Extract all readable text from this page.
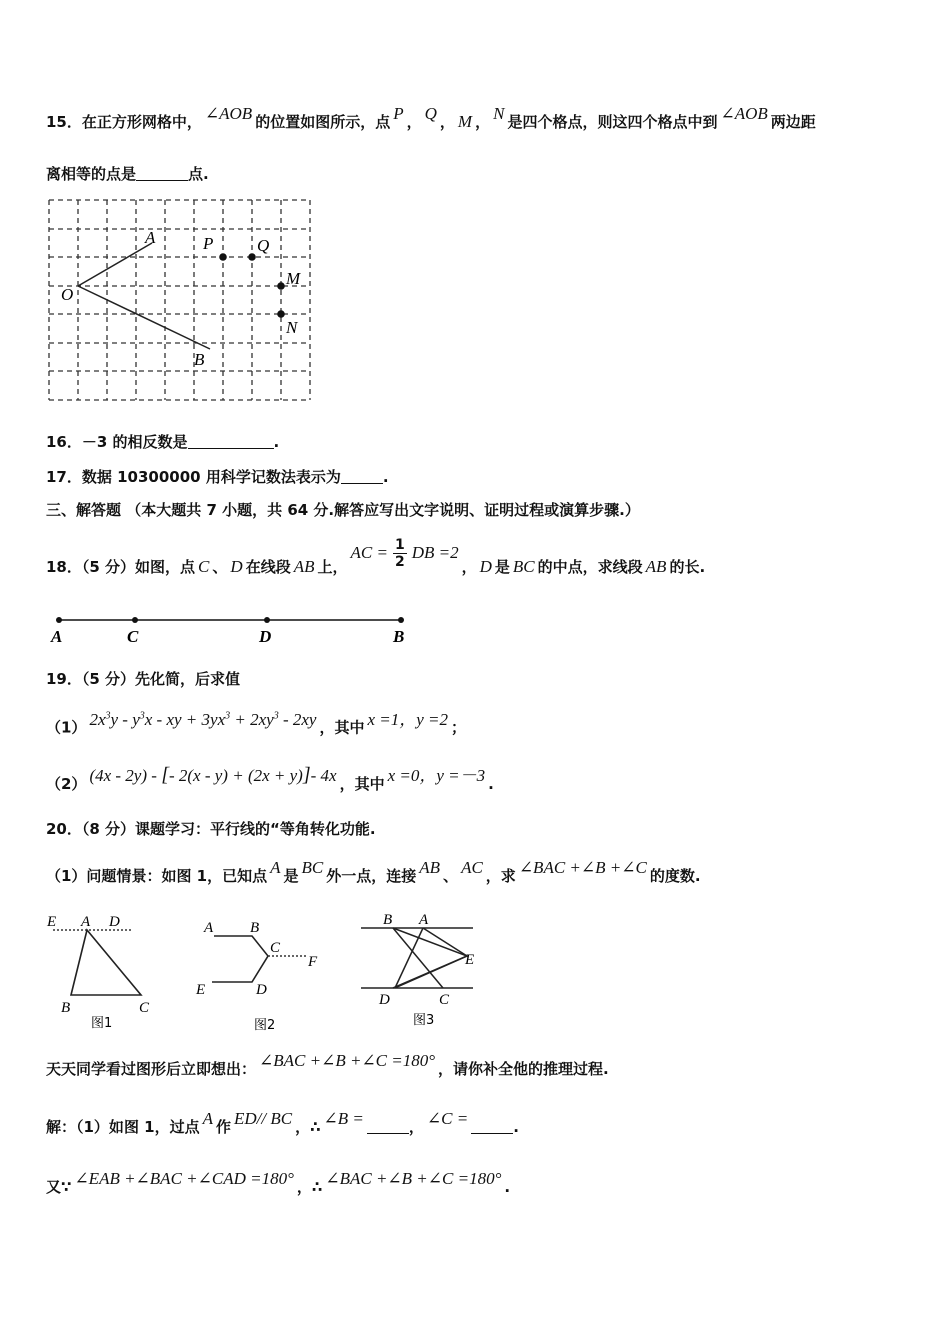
15．在正方形网格中， ∠AOB 的位置如图所示，点 P ， Q ， M ， N 是四个格点，则这四个格点中到 ∠AOB 两边距
离相等的点是	点.
A
O
B
P	Q
M
N
16．－3 的相反数是	.
17．数据 10300000 用科学记数法表示为	.
三、解答题 （本大题共 7 小题，共 64 分.解答应写出文字说明、证明过程或演算步骤.）
18．（5 分）如图，点 C 、 D 在线段 AB 上，AC = $\frac{1}{2}$ DB =2， D 是 BC 的中点，求线段 AB 的长.
A	C	D	B
19．（5 分）先化简，后求值
（1） $2x^3y - y^3x$ - xy + $3yx^3 + 2xy^3 - 2xy$ ，其中 x =1，y =2 ；
（2） (4x - 2y) - [- 2(x - y) + (2x + y)]- 4x ，其中 x =0，y =－3 .
20．（8 分）课题学习：平行线的“等角转化功能.
（1）问题情景：如图 1，已知点 A 是 BC 外一点，连接 AB 、 AC ，求 ∠BAC +∠B +∠C 的度数.
E A D
B	C
图1
A B
C
F
E	D
图2
B A
E
D	C
图3
天天同学看过图形后立即想出： ∠BAC +∠B +∠C =180° ，请你补全他的推理过程.
解：（1）如图 1，过点 A 作 ED// BC ，∴ ∠B =	， ∠C =	.
又∵ ∠EAB +∠BAC +∠CAD =180° ，∴ ∠BAC +∠B +∠C =180° .
